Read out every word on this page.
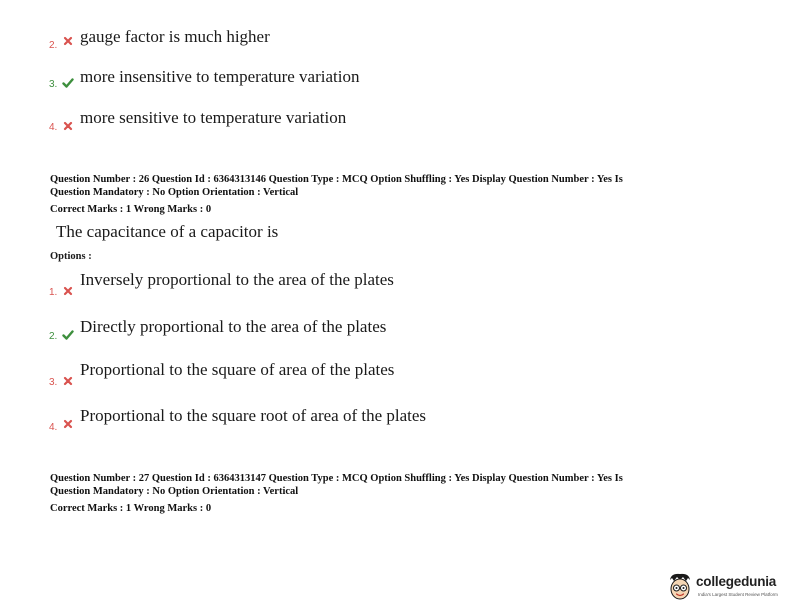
2. gauge factor is much higher
3. more insensitive to temperature variation
4.
more sensitive to temperature variation
Question Number : 26 Question Id : 6364313146 Question Type : MCQ Option Shuffling : Yes Display Question Number : Yes Is
Question Mandatory : No Option Orientation : Vertical
Correct Marks : 1 Wrong Marks : 0
The capacitance of a capacitor is
Options :
1.
Inversely proportional to the area of the plates
2.
Directly proportional to the area of the plates
3.
Proportional to the square of area of the plates
4.
Proportional to the square root of area of the plates
Question Number : 27 Question Id : 6364313147 Question Type : MCQ Option Shuffling : Yes Display Question Number : Yes Is
Question Mandatory : No Option Orientation : Vertical
Correct Marks : 1 Wrong Marks : 0
collegedunia
India's Largest Student Review Platform
